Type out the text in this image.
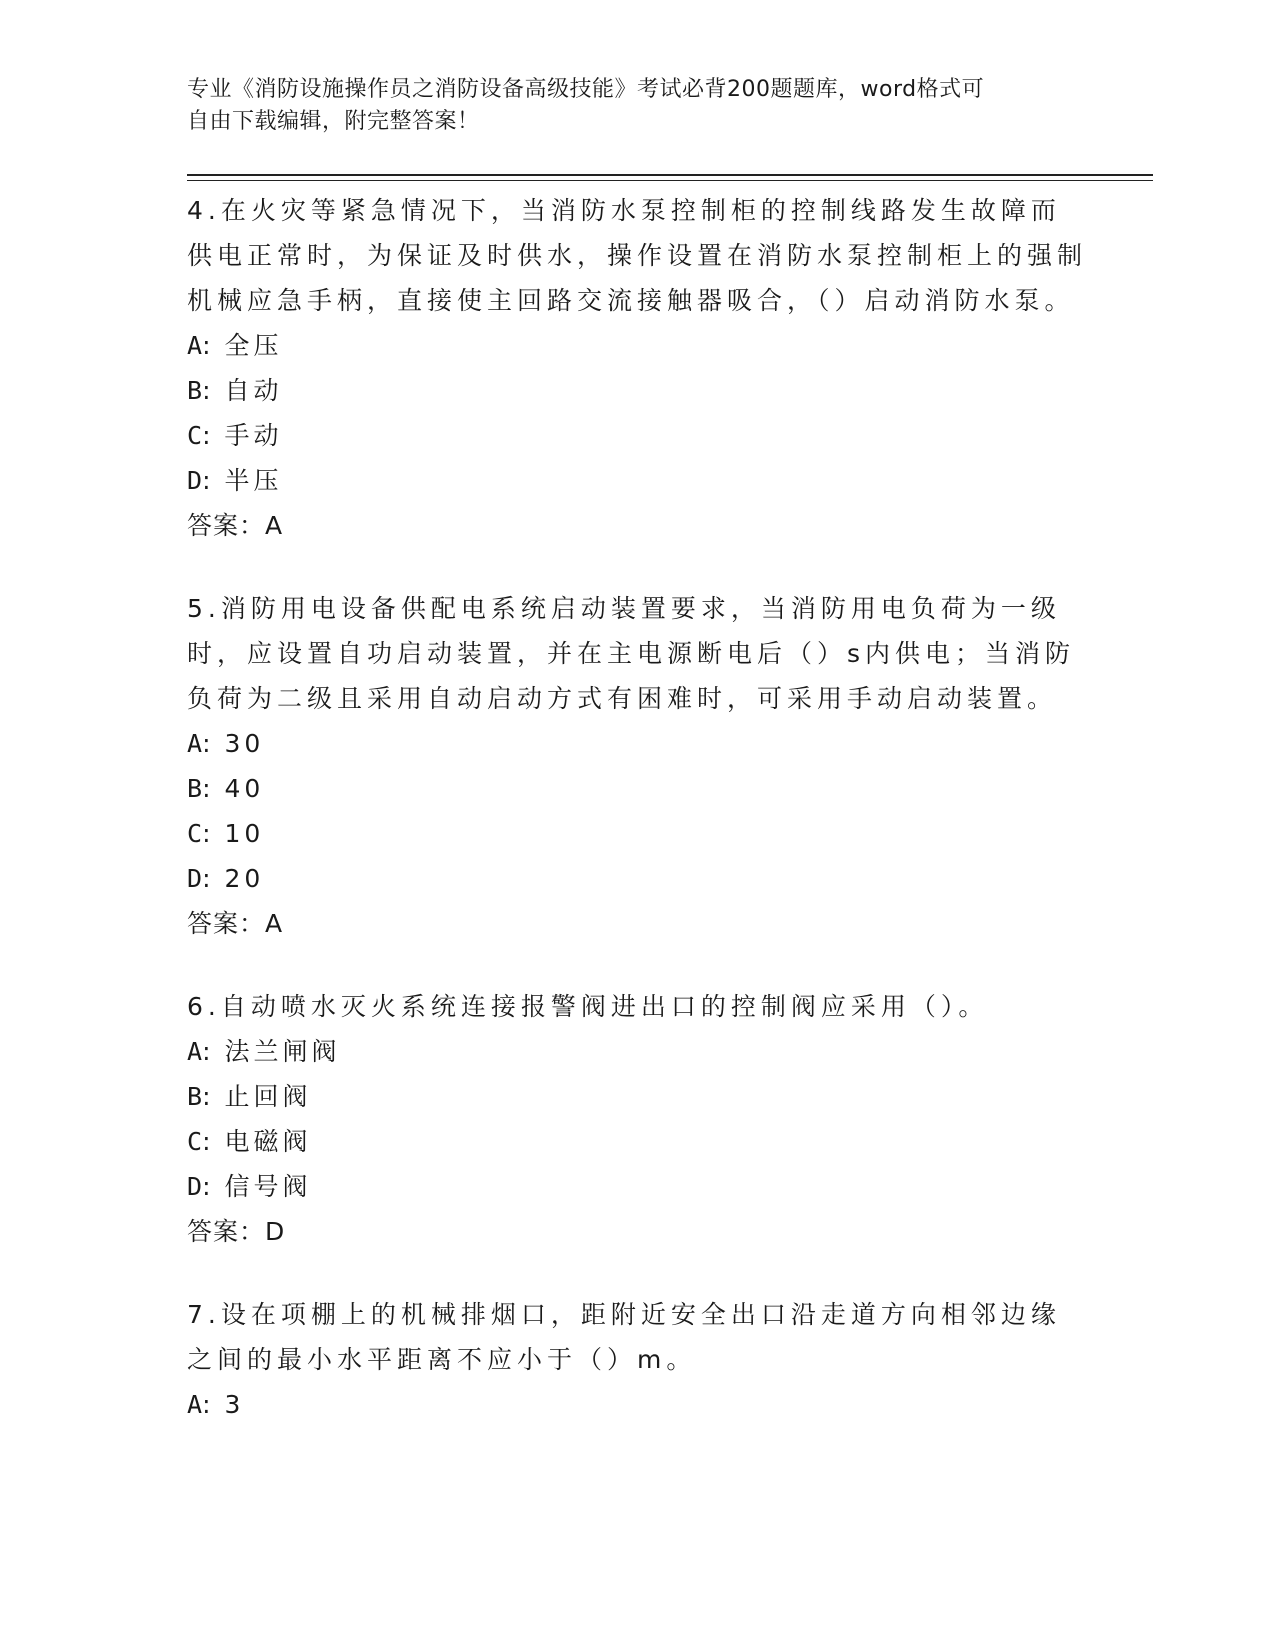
专业《消防设施操作员之消防设备高级技能》考试必背200题题库，word格式可
自由下载编辑，附完整答案！

4.在火灾等紧急情况下，当消防水泵控制柜的控制线路发生故障而供电正常时，为保证及时供水，操作设置在消防水泵控制柜上的强制机械应急手柄，直接使主回路交流接触器吸合，（）启动消防水泵。

A: 全压

B: 自动

C: 手动

D: 半压

答案：A

5.消防用电设备供配电系统启动装置要求，当消防用电负荷为一级时，应设置自功启动装置，并在主电源断电后（）s内供电；当消防负荷为二级且采用自动启动方式有困难时，可采用手动启动装置。

A: 30

B: 40

C: 10

D: 20

答案：A

6.自动喷水灭火系统连接报警阀进出口的控制阀应采用（）。

A: 法兰闸阀

B: 止回阀

C: 电磁阀

D: 信号阀

答案：D

7.设在项棚上的机械排烟口，距附近安全出口沿走道方向相邻边缘之间的最小水平距离不应小于（）m。

A: 3
